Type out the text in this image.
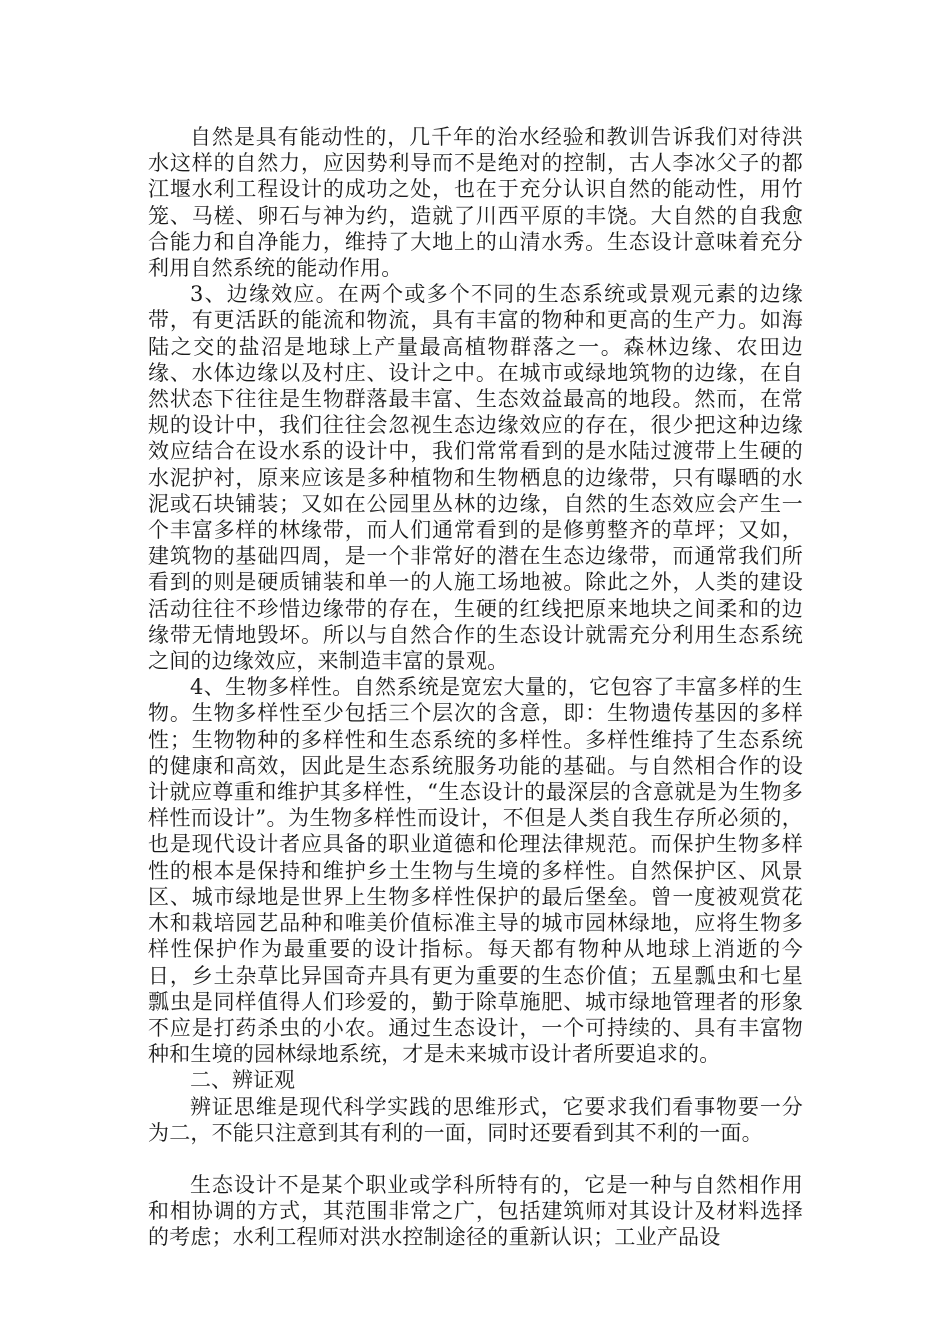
自然是具有能动性的，几千年的治水经验和教训告诉我们对待洪水这样的自然力，应因势利导而不是绝对的控制，古人李冰父子的都江堰水利工程设计的成功之处，也在于充分认识自然的能动性，用竹笼、马槎、卵石与神为约，造就了川西平原的丰饶。大自然的自我愈合能力和自净能力，维持了大地上的山清水秀。生态设计意味着充分利用自然系统的能动作用。

3、边缘效应。在两个或多个不同的生态系统或景观元素的边缘带，有更活跃的能流和物流，具有丰富的物种和更高的生产力。如海陆之交的盐沼是地球上产量最高植物群落之一。森林边缘、农田边缘、水体边缘以及村庄、设计之中。在城市或绿地筑物的边缘，在自然状态下往往是生物群落最丰富、生态效益最高的地段。然而，在常规的设计中，我们往往会忽视生态边缘效应的存在，很少把这种边缘效应结合在设水系的设计中，我们常常看到的是水陆过渡带上生硬的水泥护衬，原来应该是多种植物和生物栖息的边缘带，只有曝晒的水泥或石块铺装；又如在公园里丛林的边缘，自然的生态效应会产生一个丰富多样的林缘带，而人们通常看到的是修剪整齐的草坪；又如，建筑物的基础四周，是一个非常好的潜在生态边缘带，而通常我们所看到的则是硬质铺装和单一的人施工场地被。除此之外，人类的建设活动往往不珍惜边缘带的存在，生硬的红线把原来地块之间柔和的边缘带无情地毁坏。所以与自然合作的生态设计就需充分利用生态系统之间的边缘效应，来制造丰富的景观。

4、生物多样性。自然系统是宽宏大量的，它包容了丰富多样的生物。生物多样性至少包括三个层次的含意，即：生物遗传基因的多样性；生物物种的多样性和生态系统的多样性。多样性维持了生态系统的健康和高效，因此是生态系统服务功能的基础。与自然相合作的设计就应尊重和维护其多样性，“生态设计的最深层的含意就是为生物多样性而设计”。为生物多样性而设计，不但是人类自我生存所必须的，也是现代设计者应具备的职业道德和伦理法律规范。而保护生物多样性的根本是保持和维护乡土生物与生境的多样性。自然保护区、风景区、城市绿地是世界上生物多样性保护的最后堡垒。曾一度被观赏花木和栽培园艺品种和唯美价值标准主导的城市园林绿地，应将生物多样性保护作为最重要的设计指标。每天都有物种从地球上消逝的今日，乡土杂草比异国奇卉具有更为重要的生态价值；五星瓢虫和七星瓢虫是同样值得人们珍爱的，勤于除草施肥、城市绿地管理者的形象不应是打药杀虫的小农。通过生态设计，一个可持续的、具有丰富物种和生境的园林绿地系统，才是未来城市设计者所要追求的。

二、辨证观

辨证思维是现代科学实践的思维形式，它要求我们看事物要一分为二，不能只注意到其有利的一面，同时还要看到其不利的一面。

生态设计不是某个职业或学科所特有的，它是一种与自然相作用和相协调的方式，其范围非常之广，包括建筑师对其设计及材料选择的考虑；水利工程师对洪水控制途径的重新认识；工业产品设
